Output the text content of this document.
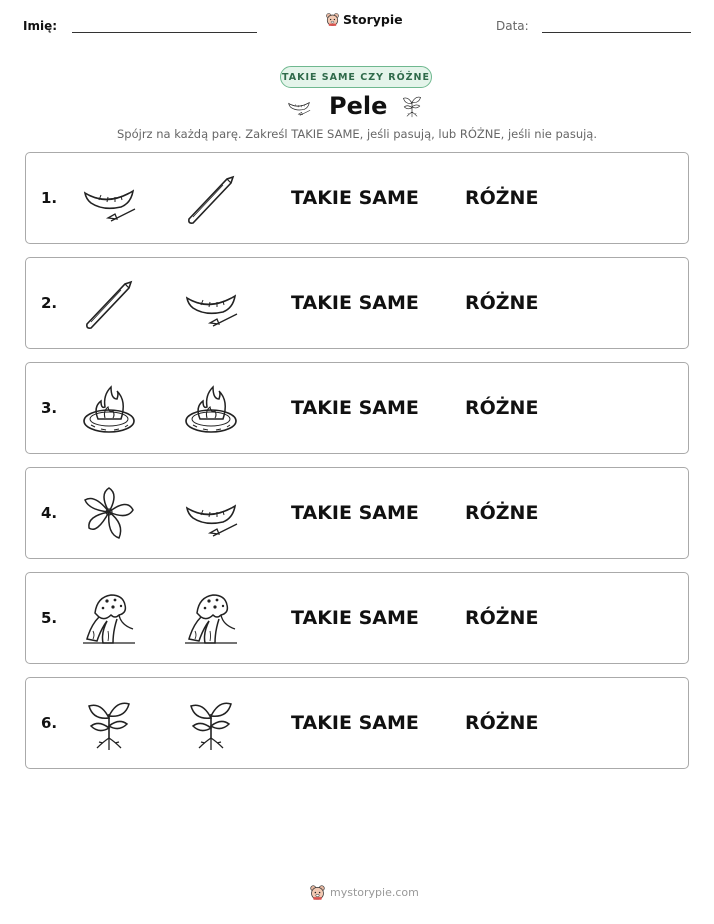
Imię:	Storypie	Data:
TAKIE SAME CZY RÓŻNE
Pele
Spójrz na każdą parę. Zakreśl TAKIE SAME, jeśli pasują, lub RÓŻNE, jeśli nie pasują.
1.	TAKIE SAME RÓŻNE
2.	TAKIE SAME RÓŻNE
3.	TAKIE SAME RÓŻNE
4.	TAKIE SAME RÓŻNE
5.	TAKIE SAME RÓŻNE
6.	TAKIE SAME RÓŻNE
mystorypie.com
